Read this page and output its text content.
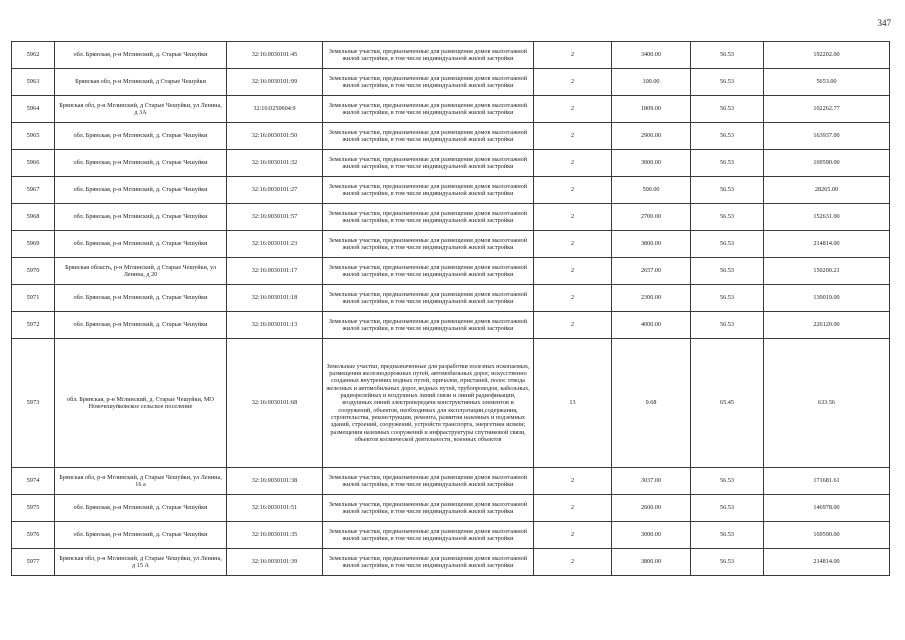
347
5962	обл. Брянская, р-н Мглинский, д. Старые Чешуйки	32:16:0030101:45	Земельные участки, предназначенные для размещения домов малоэтажной жилой застройки, в том числе индивидуальной жилой застройки	2	3400.00	56.53	192202.00
5963	Брянская обл, р-н Мглинский, д Старые Чешуйки	32:16:0030101:99	Земельные участки, предназначенные для размещения домов малоэтажной жилой застройки, в том числе индивидуальной жилой застройки	2	100.00	56.53	5653.00
5964	Брянская обл, р-н Мглинский, д Старые Чешуйки, ул Ленина, д 3А	32:16:0250604:9	Земельные участки, предназначенные для размещения домов малоэтажной жилой застройки, в том числе индивидуальной жилой застройки	2	1809.00	56.53	102262.77
5965	обл. Брянская, р-н Мглинский, д. Старые Чешуйки	32:16:0030101:50	Земельные участки, предназначенные для размещения домов малоэтажной жилой застройки, в том числе индивидуальной жилой застройки	2	2900.00	56.53	163937.00
5966	обл. Брянская, р-н Мглинский, д. Старые Чешуйки	32:16:0030101:32	Земельные участки, предназначенные для размещения домов малоэтажной жилой застройки, в том числе индивидуальной жилой застройки	2	3000.00	56.53	169590.00
5967	обл. Брянская, р-н Мглинский, д. Старые Чешуйки	32:16:0030101:27	Земельные участки, предназначенные для размещения домов малоэтажной жилой застройки, в том числе индивидуальной жилой застройки	2	500.00	56.53	28265.00
5968	обл. Брянская, р-н Мглинский, д. Старые Чешуйки	32:16:0030101:57	Земельные участки, предназначенные для размещения домов малоэтажной жилой застройки, в том числе индивидуальной жилой застройки	2	2700.00	56.53	152631.00
5969	обл. Брянская, р-н Мглинский, д. Старые Чешуйки	32:16:0030101:23	Земельные участки, предназначенные для размещения домов малоэтажной жилой застройки, в том числе индивидуальной жилой застройки	2	3800.00	56.53	214814.00
5970	Брянская область, р-н Мглинский, д Старые Чешуйки, ул Ленина, д 20	32:16:0030101:17	Земельные участки, предназначенные для размещения домов малоэтажной жилой застройки, в том числе индивидуальной жилой застройки	2	2657.00	56.53	150200.21
5971	обл. Брянская, р-н Мглинский, д. Старые Чешуйки	32:16:0030101:18	Земельные участки, предназначенные для размещения домов малоэтажной жилой застройки, в том числе индивидуальной жилой застройки	2	2300.00	56.53	130019.00
5972	обл. Брянская, р-н Мглинский, д. Старые Чешуйки	32:16:0030101:13	Земельные участки, предназначенные для размещения домов малоэтажной жилой застройки, в том числе индивидуальной жилой застройки	2	4000.00	56.53	226120.00
5973	обл. Брянская, р-н Мглинский, д. Старые Чешуйки, МО Новочешуйковское сельское поселение	32:16:0030101:68	Земельные участки, предназначенные для разработки полезных ископаемых, размещения железнодорожных путей, автомобильных дорог, искусственно созданных внутренних водных путей, причалов, пристаней, полос отвода железных и автомобильных дорог, водных путей, трубопроводов, кабельных, радиорелейных и воздушных линий связи и линий радиофикации, воздушных линий электропередачи конструктивных элементов и сооружений, объектов, необходимых для эксплуатации,содержания, строительства, реконструкции, ремонта, развития наземных и подземных зданий, строений, сооружений, устройств транспорта, энергетики иcвязи; размещения наземных сооружений и инфраструктуры спутниковой связи, объектов космической деятельности, военных объектов	13	9.68	65.45	633.56
5974	Брянская обл, р-н Мглинский, д Старые Чешуйки, ул Ленина, 16 а	32:16:0030101:38	Земельные участки, предназначенные для размещения домов малоэтажной жилой застройки, в том числе индивидуальной жилой застройки	2	3037.00	56.53	171681.61
5975	обл. Брянская, р-н Мглинский, д. Старые Чешуйки	32:16:0030101:51	Земельные участки, предназначенные для размещения домов малоэтажной жилой застройки, в том числе индивидуальной жилой застройки	2	2600.00	56.53	146978.00
5976	обл. Брянская, р-н Мглинский, д. Старые Чешуйки	32:16:0030101:35	Земельные участки, предназначенные для размещения домов малоэтажной жилой застройки, в том числе индивидуальной жилой застройки	2	3000.00	56.53	169590.00
5977	Брянская обл, р-н Мглинский, д Старые Чешуйки, ул Ленина, д 15 А	32:16:0030101:39	Земельные участки, предназначенные для размещения домов малоэтажной жилой застройки, в том числе индивидуальной жилой застройки	2	3800.00	56.53	214814.00
